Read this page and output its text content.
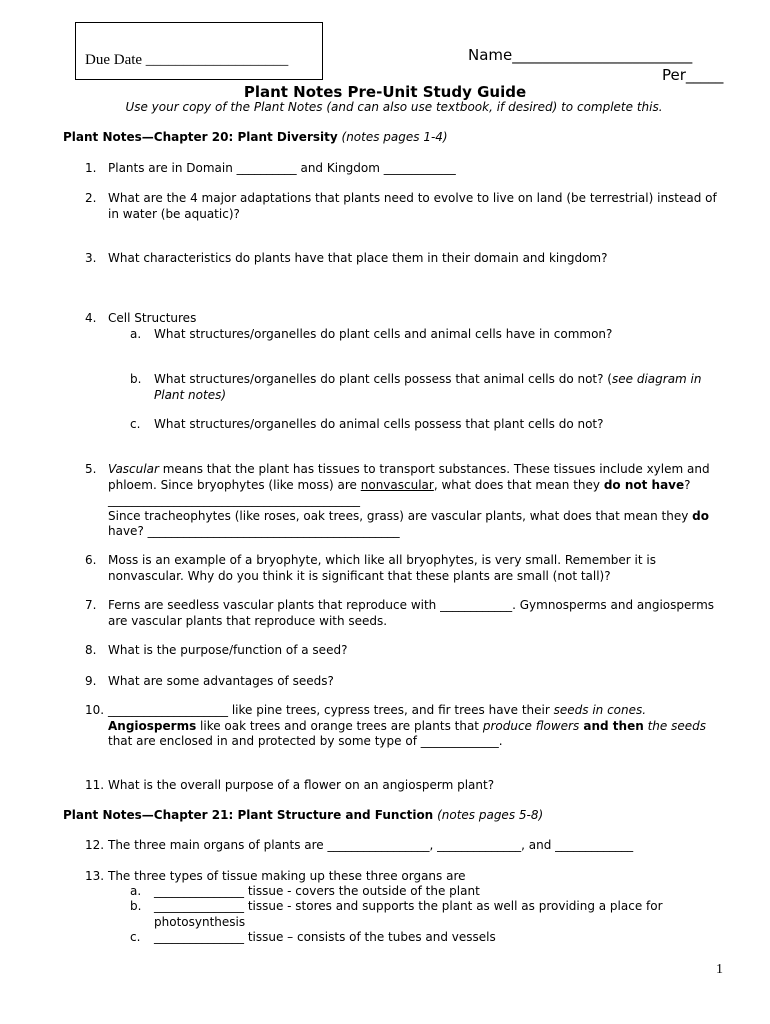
Due Date ___________________	Name________________________
Per_____
Plant Notes Pre-Unit Study Guide
Use your copy of the Plant Notes (and can also use textbook, if desired) to complete this.
Plant Notes—Chapter 20: Plant Diversity (notes pages 1-4)
1. Plants are in Domain __________ and Kingdom ____________
2. What are the 4 major adaptations that plants need to evolve to live on land (be terrestrial) instead of in water (be aquatic)?
3. What characteristics do plants have that place them in their domain and kingdom?
4. Cell Structures
a. What structures/organelles do plant cells and animal cells have in common?
b. What structures/organelles do plant cells possess that animal cells do not? (see diagram in Plant notes)
c. What structures/organelles do animal cells possess that plant cells do not?
5. Vascular means that the plant has tissues to transport substances. These tissues include xylem and phloem. Since bryophytes (like moss) are nonvascular, what does that mean they do not have? __________________________________________
Since tracheophytes (like roses, oak trees, grass) are vascular plants, what does that mean they do have? __________________________________________
6. Moss is an example of a bryophyte, which like all bryophytes, is very small. Remember it is nonvascular. Why do you think it is significant that these plants are small (not tall)?
7. Ferns are seedless vascular plants that reproduce with ____________. Gymnosperms and angiosperms are vascular plants that reproduce with seeds.
8. What is the purpose/function of a seed?
9. What are some advantages of seeds?
10. ____________________ like pine trees, cypress trees, and fir trees have their seeds in cones.
Angiosperms like oak trees and orange trees are plants that produce flowers and then the seeds that are enclosed in and protected by some type of _____________.
11. What is the overall purpose of a flower on an angiosperm plant?
Plant Notes—Chapter 21: Plant Structure and Function (notes pages 5-8)
12. The three main organs of plants are _________________, ______________, and _____________
13. The three types of tissue making up these three organs are
a. _______________ tissue - covers the outside of the plant
b. _______________ tissue - stores and supports the plant as well as providing a place for photosynthesis
c. _______________ tissue – consists of the tubes and vessels
1
